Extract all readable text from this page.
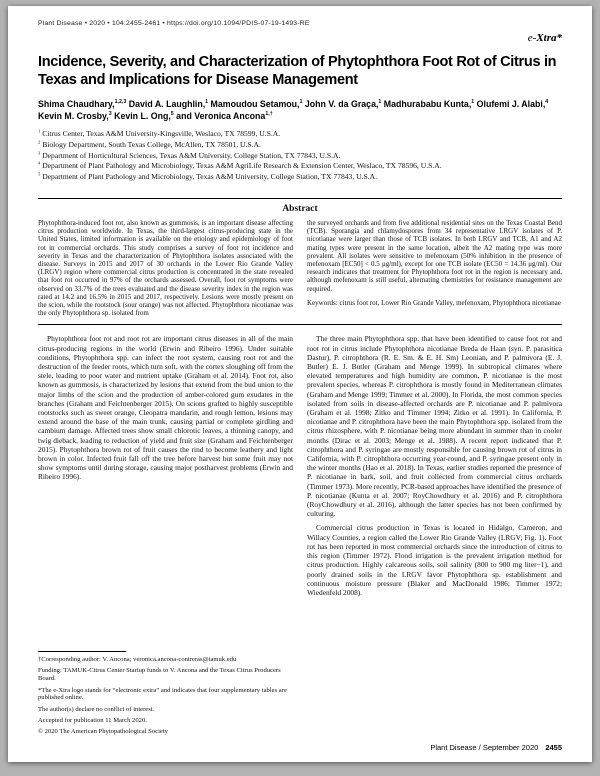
Plant Disease • 2020 • 104:2455-2461 • https://doi.org/10.1094/PDIS-07-19-1493-RE
e-Xtra*
Incidence, Severity, and Characterization of Phytophthora Foot Rot of Citrus in Texas and Implications for Disease Management

Shima Chaudhary,$^{1,2,3}$ David A. Laughlin,$^1$ Mamoudou Setamou,$^1$ John V. da Graça,$^1$ Madhurababu Kunta,$^1$ Olufemi J. Alabi,$^4$ Kevin M. Crosby,$^3$ Kevin L. Ong,$^5$ and Veronica Ancona$^{1,\dagger}$

$^1$ Citrus Center, Texas A&M University-Kingsville, Weslaco, TX 78599, U.S.A.

$^2$ Biology Department, South Texas College, McAllen, TX 78501, U.S.A.

$^3$ Department of Horticultural Sciences, Texas A&M University, College Station, TX 77843, U.S.A.

$^4$ Department of Plant Pathology and Microbiology, Texas A&M AgriLife Research & Extension Center, Weslaco, TX 78596, U.S.A.

$^5$ Department of Plant Pathology and Microbiology, Texas A&M University, College Station, TX 77843, U.S.A.

Abstract

Phytophthora-induced foot rot, also known as gummosis, is an important disease affecting citrus production worldwide. In Texas, the third-largest citrus-producing state in the United States, limited information is available on the etiology and epidemiology of foot rot in commercial orchards. This study comprises a survey of foot rot incidence and severity in Texas and the characterization of Phytophthora isolates associated with the disease. Surveys in 2015 and 2017 of 30 orchards in the Lower Rio Grande Valley (LRGV) region where commercial citrus production is concentrated in the state revealed that foot rot occurred in 97% of the orchards assessed. Overall, foot rot symptoms were observed on 33.7% of the trees evaluated and the disease severity index in the region was rated at 14.2 and 16.5% in 2015 and 2017, respectively. Lesions were mostly present on the scion, while the rootstock (sour orange) was not affected. Phytophthora nicotianae was the only Phytophthora sp. isolated from

the surveyed orchards and from five additional residential sites on the Texas Coastal Bend (TCB). Sporangia and chlamydospores from 34 representative LRGV isolates of P. nicotianae were larger than those of TCB isolates. In both LRGV and TCB, A1 and A2 mating types were present in the same location, albeit the A2 mating type was more prevalent. All isolates were sensitive to mefenoxam (50% inhibition in the presence of mefenoxam [EC50] < 0.5 μg/ml), except for one TCB isolate (EC50 = 14.36 μg/ml). Our research indicates that treatment for Phytophthora foot rot in the region is necessary and, although mefenoxam is still useful, alternating chemistries for resistance management are required.

Keywords: citrus foot rot, Lower Rio Grande Valley, mefenoxam, Phytophthora nicotianae

Phytophthora foot rot and root rot are important citrus diseases in all of the main citrus-producing regions in the world (Erwin and Ribeiro 1996). Under suitable conditions, Phytophthora spp. can infect the root system, causing root rot and the destruction of the feeder roots, which turn soft, with the cortex sloughing off from the stele, leading to poor water and nutrient uptake (Graham et al. 2014). Foot rot, also known as gummosis, is characterized by lesions that extend from the bud union to the major limbs of the scion and the production of amber-colored gum exudates in the branches (Graham and Feichtenberger 2015). On scions grafted to highly susceptible rootstocks such as sweet orange, Cleopatra mandarin, and rough lemon, lesions may extend around the base of the main trunk, causing partial or complete girdling and cambium damage. Affected trees show small chlorotic leaves, a thinning canopy, and twig dieback, leading to reduction of yield and fruit size (Graham and Feichtenberger 2015). Phytophthora brown rot of fruit causes the rind to become leathery and light brown in color. Infected fruit fall off the tree before harvest but some fruit may not show symptoms until during storage, causing major postharvest problems (Erwin and Ribeiro 1996).

†Corresponding author: V. Ancona; veronica.ancona-contreras@tamuk.edu

Funding: TAMUK-Citrus Center Startup funds to V. Ancona and the Texas Citrus Producers Board.

*The e-Xtra logo stands for “electronic extra” and indicates that four supplementary tables are published online.

The author(s) declare no conflict of interest.

Accepted for publication 11 March 2020.

© 2020 The American Phytopathological Society

The three main Phytophthora spp. that have been identified to cause foot rot and root rot in citrus include Phytophthora nicotianae Breda de Haan (syn. P. parasitica Dastur), P. citrophthora (R. E. Sm. & E. H. Sm) Leonian, and P. palmivora (E. J. Butler) E. J. Butler (Graham and Menge 1999). In subtropical climates where elevated temperatures and high humidity are common, P. nicotianae is the most prevalent species, whereas P. citrophthora is mostly found in Mediterranean climates (Graham and Menge 1999; Timmer et al. 2000). In Florida, the most common species isolated from soils in disease-affected orchards are P. nicotianae and P. palmivora (Graham et al. 1998; Zitko and Timmer 1994; Zitko et al. 1991). In California, P. nicotianae and P. citrophthora have been the main Phytophthora spp. isolated from the citrus rhizosphere, with P. nicotianae being more abundant in summer than in cooler months (Dirac et al. 2003; Menge et al. 1988). A recent report indicated that P. citrophthora and P. syringae are mostly responsible for causing brown rot of citrus in California, with P. citrophthora occurring year-round, and P. syringae present only in the winter months (Hao et al. 2018). In Texas, earlier studies reported the presence of P. nicotianae in bark, soil, and fruit collected from commercial citrus orchards (Timmer 1973). More recently, PCR-based approaches have identified the presence of P. nicotianae (Kunta et al. 2007; RoyChowdhury et al. 2016) and P. citrophthora (RoyChowdhury et al. 2016), although the latter species has not been confirmed by culturing.

Commercial citrus production in Texas is located in Hidalgo, Cameron, and Willacy Counties, a region called the Lower Rio Grande Valley (LRGV; Fig. 1). Foot rot has been reported in most commercial orchards since the introduction of citrus to this region (Timmer 1972). Flood irrigation is the prevalent irrigation method for citrus production. Highly calcareous soils, soil salinity (800 to 900 mg liter−1), and poorly drained soils in the LRGV favor Phytophthora sp. establishment and continuous moisture pressure (Blaker and MacDonald 1986; Timmer 1972; Wiedenfeld 2008).

Plant Disease / September 2020 2455
